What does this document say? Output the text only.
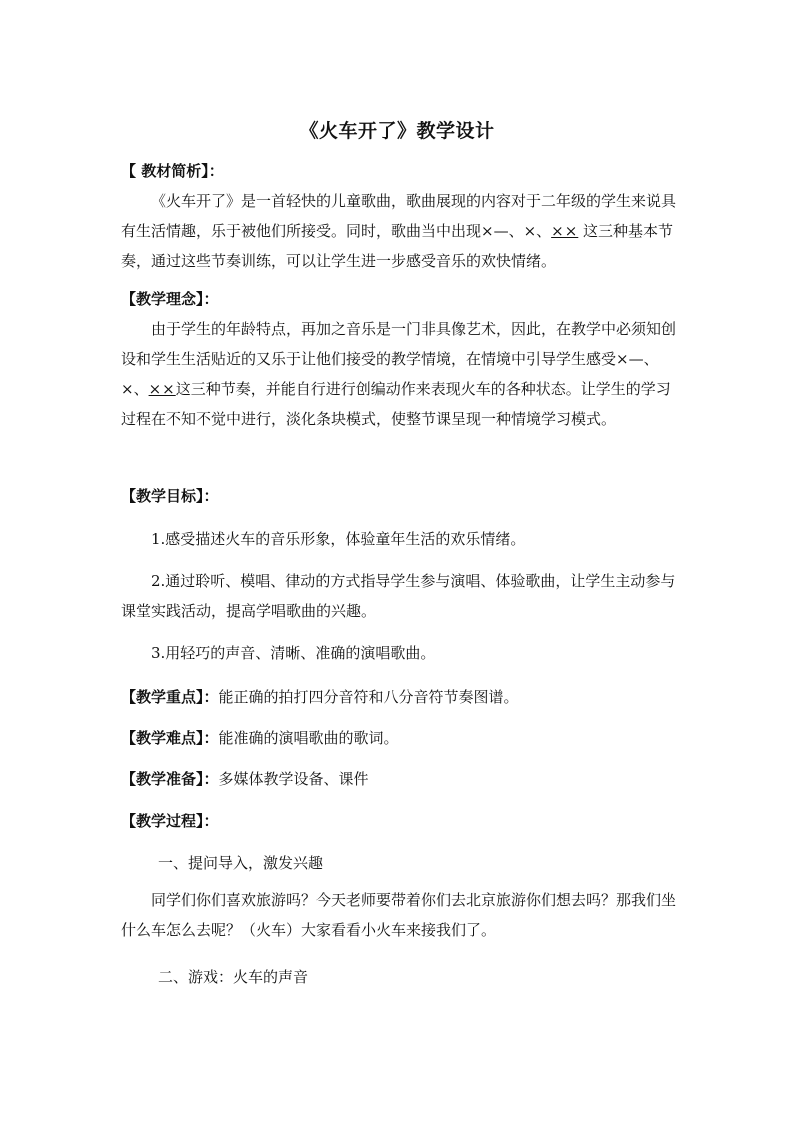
《火车开了》教学设计
【 教材简析】：
《火车开了》是一首轻快的儿童歌曲，歌曲展现的内容对于二年级的学生来说具有生活情趣，乐于被他们所接受。同时，歌曲当中出现×—、×、×× 这三种基本节奏，通过这些节奏训练，可以让学生进一步感受音乐的欢快情绪。
【教学理念】：
由于学生的年龄特点，再加之音乐是一门非具像艺术，因此，在教学中必须知创设和学生生活贴近的又乐于让他们接受的教学情境，在情境中引导学生感受×—、×、××这三种节奏，并能自行进行创编动作来表现火车的各种状态。让学生的学习过程在不知不觉中进行，淡化条块模式，使整节课呈现一种情境学习模式。
【教学目标】：
1.感受描述火车的音乐形象，体验童年生活的欢乐情绪。
2.通过聆听、模唱、律动的方式指导学生参与演唱、体验歌曲，让学生主动参与课堂实践活动，提高学唱歌曲的兴趣。
3.用轻巧的声音、清晰、准确的演唱歌曲。
【教学重点】：能正确的拍打四分音符和八分音符节奏图谱。
【教学难点】：能准确的演唱歌曲的歌词。
【教学准备】：多媒体教学设备、课件
【教学过程】：
一、提问导入，激发兴趣
同学们你们喜欢旅游吗？今天老师要带着你们去北京旅游你们想去吗？那我们坐什么车怎么去呢？（火车）大家看看小火车来接我们了。
二、游戏：火车的声音
